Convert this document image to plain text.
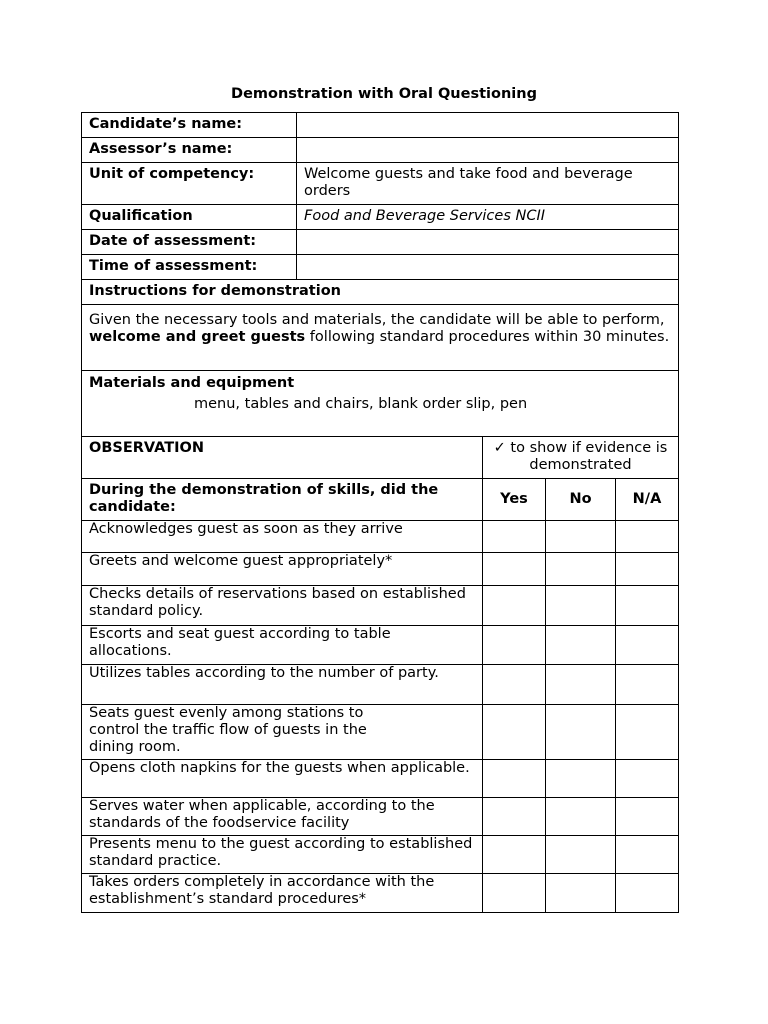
Demonstration with Oral Questioning
Candidate’s name:	
Assessor’s name:	
Unit of competency:	Welcome guests and take food and beverage orders
Qualification	Food and Beverage Services NCII
Date of assessment:	
Time of assessment:	
Instructions for demonstration	
Given the necessary tools and materials, the candidate will be able to perform, welcome and greet guests following standard procedures within 30 minutes.	

Materials and equipment
menu, tables and chairs, blank order slip, pen	
OBSERVATION	✓ to show if evidence is demonstrated		
During the demonstration of skills, did the candidate:	Yes	No	N/A
Acknowledges guest as soon as they arrive			
Greets and welcome guest appropriately*			
Checks details of reservations based on established standard policy.			
Escorts and seat guest according to table allocations.			
Utilizes tables according to the number of party.			
Seats guest evenly among stations to control the traffic flow of guests in the dining room.			
Opens cloth napkins for the guests when applicable.			
Serves water when applicable, according to the standards of the foodservice facility			
Presents menu to the guest according to established standard practice.			
Takes orders completely in accordance with the establishment’s standard procedures*			
